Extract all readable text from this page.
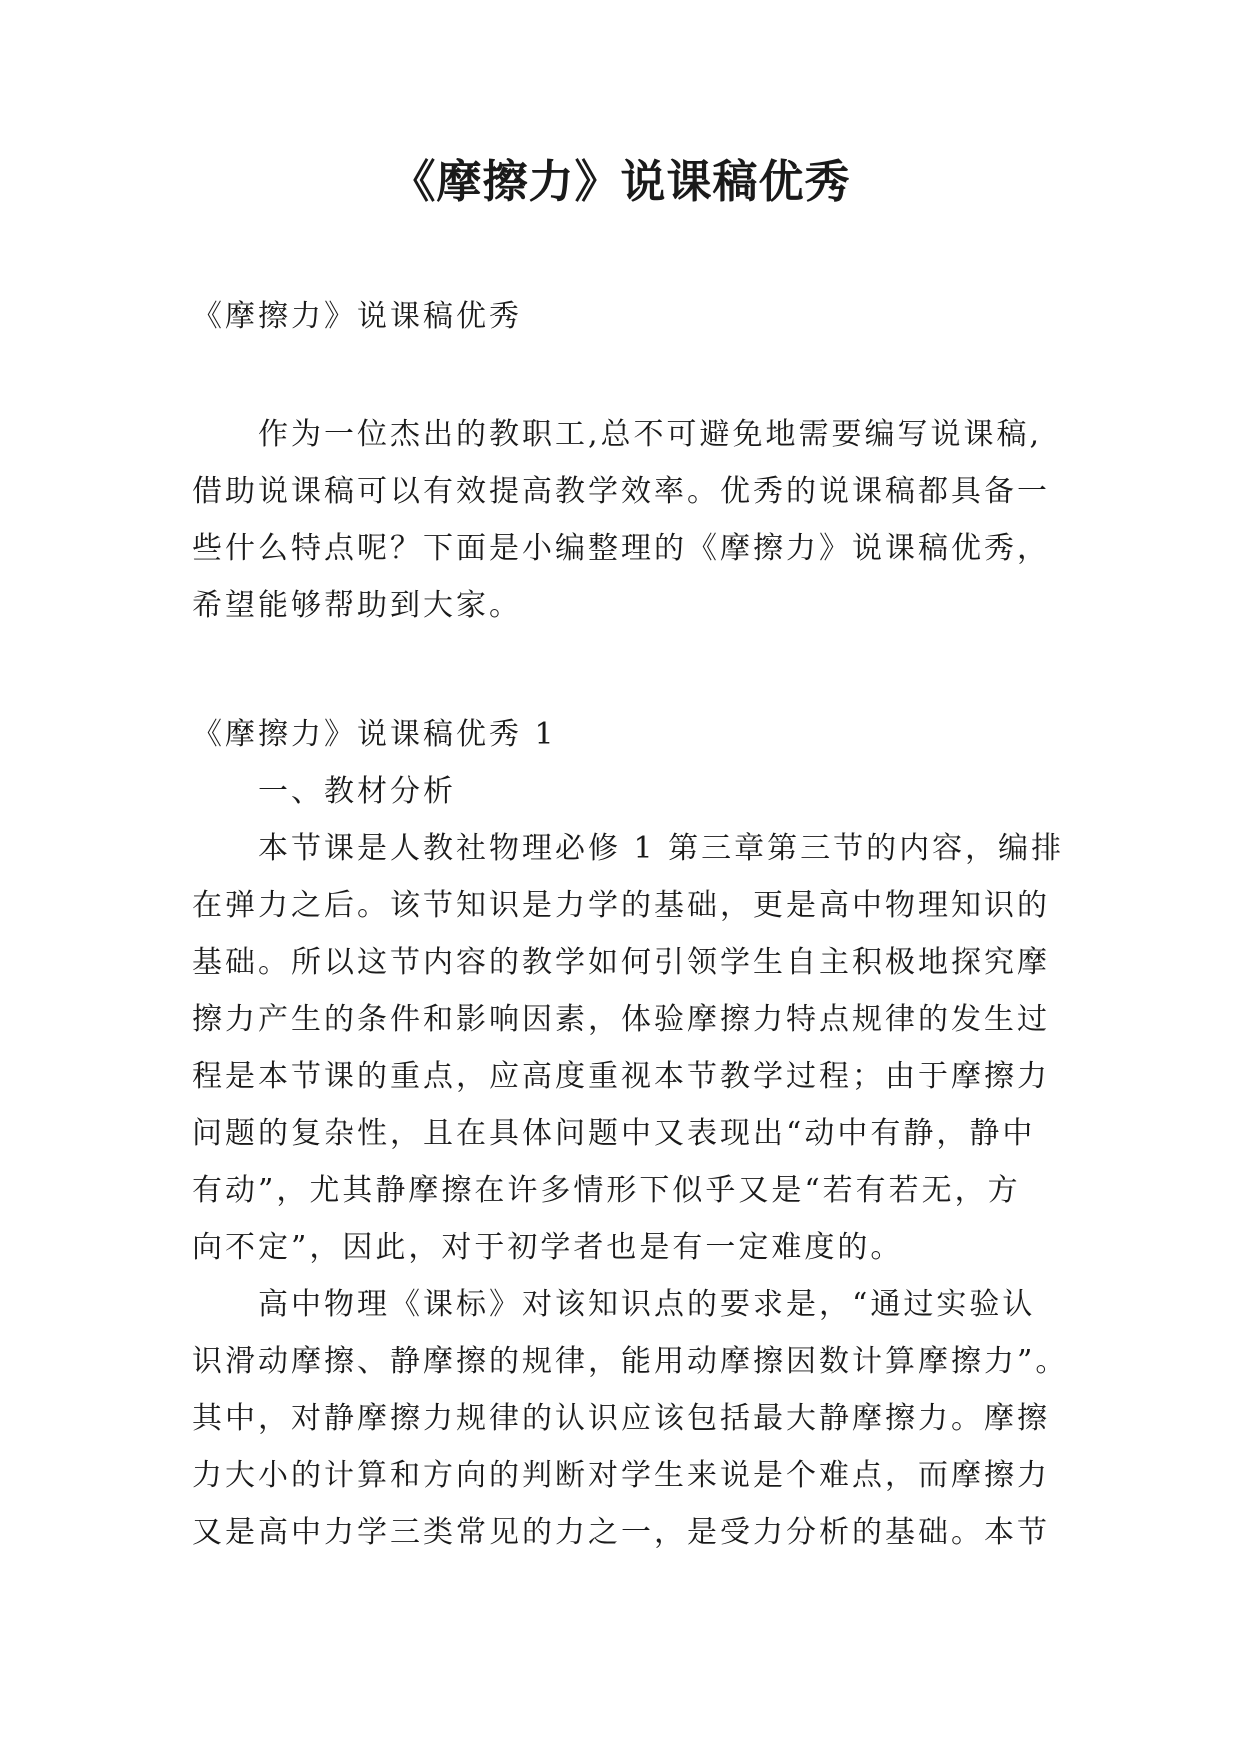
《摩擦力》说课稿优秀
《摩擦力》说课稿优秀
作为一位杰出的教职工,总不可避免地需要编写说课稿,
借助说课稿可以有效提高教学效率。优秀的说课稿都具备一
些什么特点呢？下面是小编整理的《摩擦力》说课稿优秀，
希望能够帮助到大家。
《摩擦力》说课稿优秀 1
一、教材分析
本节课是人教社物理必修 1 第三章第三节的内容，编排
在弹力之后。该节知识是力学的基础，更是高中物理知识的
基础。所以这节内容的教学如何引领学生自主积极地探究摩
擦力产生的条件和影响因素，体验摩擦力特点规律的发生过
程是本节课的重点，应高度重视本节教学过程；由于摩擦力
问题的复杂性，且在具体问题中又表现出“动中有静，静中
有动”，尤其静摩擦在许多情形下似乎又是“若有若无，方
向不定”，因此，对于初学者也是有一定难度的。
高中物理《课标》对该知识点的要求是，“通过实验认
识滑动摩擦、静摩擦的规律，能用动摩擦因数计算摩擦力”。
其中，对静摩擦力规律的认识应该包括最大静摩擦力。摩擦
力大小的计算和方向的判断对学生来说是个难点，而摩擦力
又是高中力学三类常见的力之一，是受力分析的基础。本节
